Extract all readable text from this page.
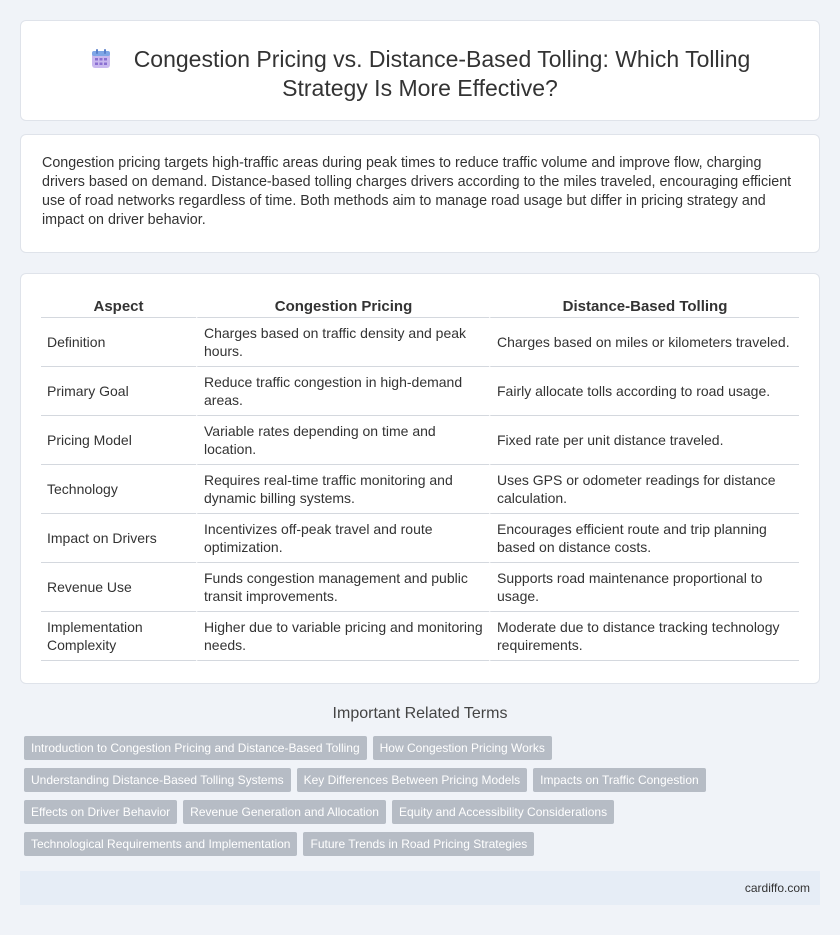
Congestion Pricing vs. Distance-Based Tolling: Which Tolling Strategy Is More Effective?

Congestion pricing targets high-traffic areas during peak times to reduce traffic volume and improve flow, charging drivers based on demand. Distance-based tolling charges drivers according to the miles traveled, encouraging efficient use of road networks regardless of time. Both methods aim to manage road usage but differ in pricing strategy and impact on driver behavior.

Aspect	Congestion Pricing	Distance-Based Tolling
Definition	Charges based on traffic density and peak hours.	Charges based on miles or kilometers traveled.
Primary Goal	Reduce traffic congestion in high-demand areas.	Fairly allocate tolls according to road usage.
Pricing Model	Variable rates depending on time and location.	Fixed rate per unit distance traveled.
Technology	Requires real-time traffic monitoring and dynamic billing systems.	Uses GPS or odometer readings for distance calculation.
Impact on Drivers	Incentivizes off-peak travel and route optimization.	Encourages efficient route and trip planning based on distance costs.
Revenue Use	Funds congestion management and public transit improvements.	Supports road maintenance proportional to usage.
Implementation Complexity	Higher due to variable pricing and monitoring needs.	Moderate due to distance tracking technology requirements.
Important Related Terms
Introduction to Congestion Pricing and Distance-Based Tolling How Congestion Pricing Works
Understanding Distance-Based Tolling Systems Key Differences Between Pricing Models Impacts on Traffic Congestion
Effects on Driver Behavior Revenue Generation and Allocation Equity and Accessibility Considerations
Technological Requirements and Implementation Future Trends in Road Pricing Strategies
cardiffo.com
